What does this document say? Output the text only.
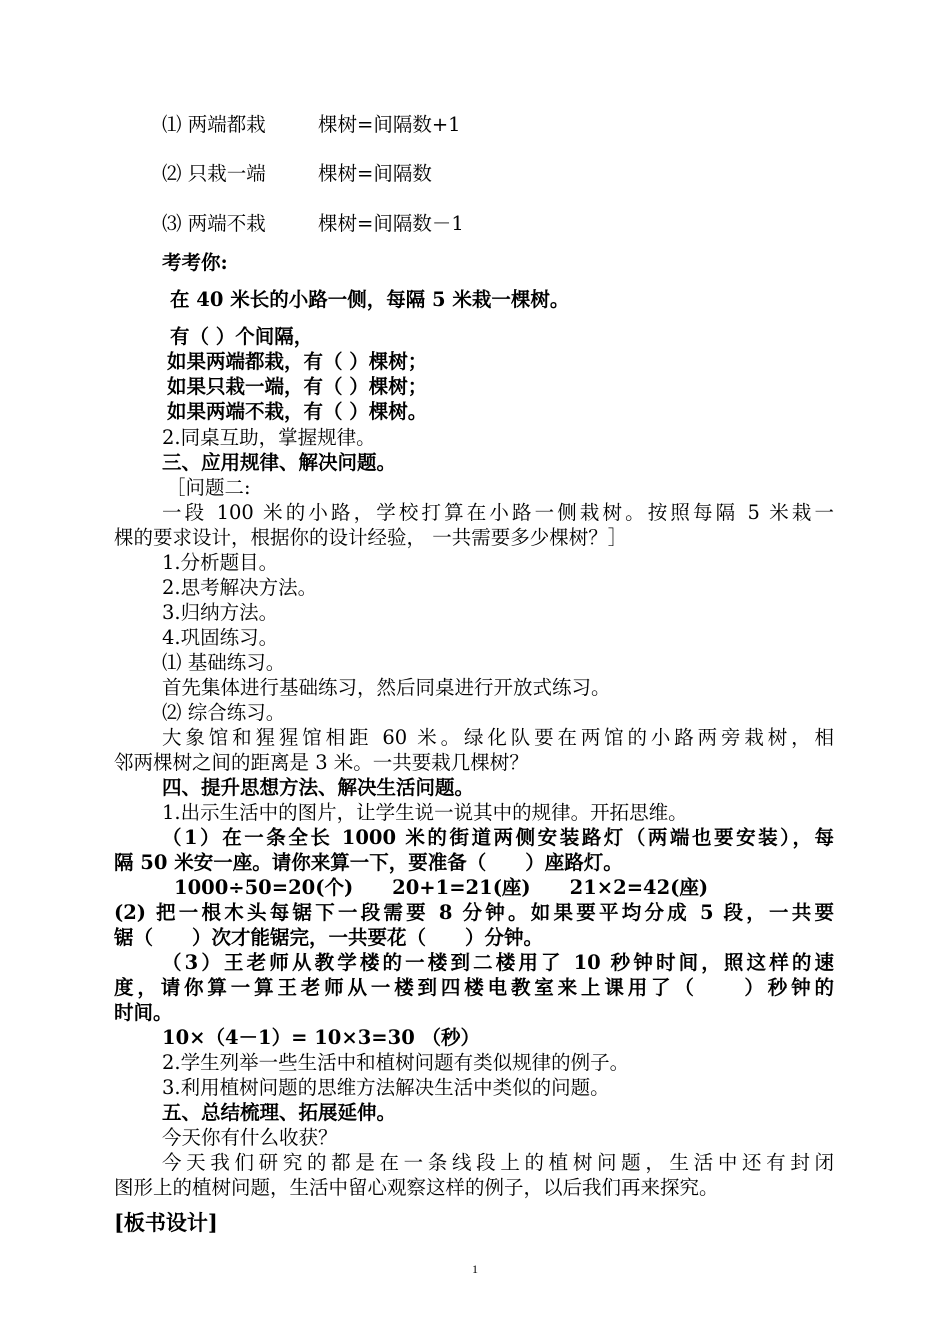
⑴ 两端都栽	棵树=间隔数+1
⑵ 只栽一端	棵树=间隔数
⑶ 两端不栽	棵树=间隔数－1
考考你:
在 40 米长的小路一侧，每隔 5 米栽一棵树。
有（ ）个间隔，
如果两端都栽，有（ ）棵树；
如果只栽一端，有（ ）棵树；
如果两端不栽，有（ ）棵树。
2.同桌互助，掌握规律。
三、应用规律、解决问题。
［问题二:
一段 100 米的小路，学校打算在小路一侧栽树。按照每隔 5 米栽一
棵的要求设计，根据你的设计经验， 一共需要多少棵树？］
1.分析题目。
2.思考解决方法。
3.归纳方法。
4.巩固练习。
⑴ 基础练习。
首先集体进行基础练习，然后同桌进行开放式练习。
⑵ 综合练习。
大象馆和猩猩馆相距 60 米。绿化队要在两馆的小路两旁栽树，相
邻两棵树之间的距离是 3 米。一共要栽几棵树？
四、提升思想方法、解决生活问题。
1.出示生活中的图片，让学生说一说其中的规律。开拓思维。
（1）在一条全长 1000 米的街道两侧安装路灯（两端也要安装），每
隔 50 米安一座。请你来算一下，要准备（　　）座路灯。
1000÷50=20(个)　　20+1=21(座)　　21×2=42(座)
(2) 把一根木头每锯下一段需要 8 分钟。如果要平均分成 5 段，一共要
锯（　　）次才能锯完，一共要花（　　）分钟。
（3）王老师从教学楼的一楼到二楼用了 10 秒钟时间，照这样的速
度，请你算一算王老师从一楼到四楼电教室来上课用了（　　）秒钟的
时间。
10×（4－1）= 10×3=30 （秒）
2.学生列举一些生活中和植树问题有类似规律的例子。
3.利用植树问题的思维方法解决生活中类似的问题。
五、总结梳理、拓展延伸。
今天你有什么收获？
今天我们研究的都是在一条线段上的植树问题，生活中还有封闭
图形上的植树问题，生活中留心观察这样的例子，以后我们再来探究。
[板书设计]
1
